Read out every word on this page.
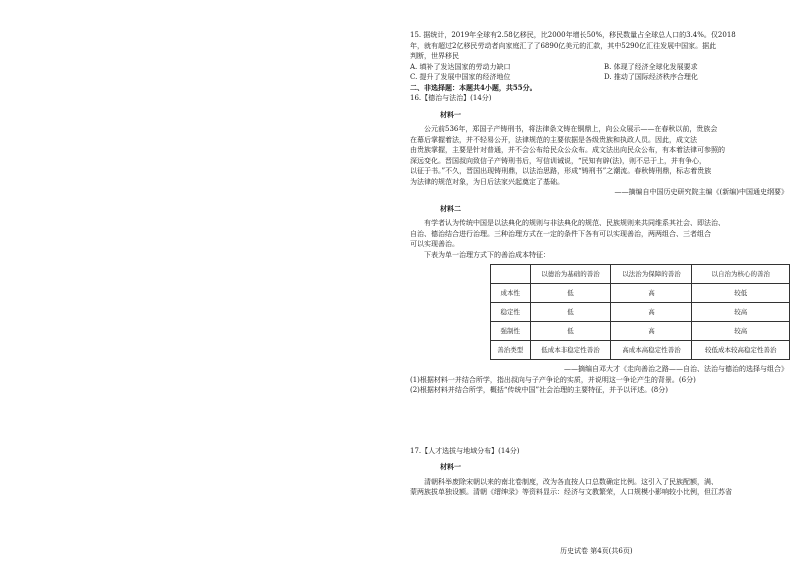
15. 据统计，2019年全球有2.58亿移民，比2000年增长50%，移民数量占全球总人口的3.4%。仅2018
年，就有超过2亿移民劳动者向家庭汇了了6890亿美元的汇款，其中5290亿汇往发展中国家。据此
判断，世界移民
A. 填补了发达国家的劳动力缺口	B. 体现了经济全球化发展要求
C. 提升了发展中国家的经济地位	D. 推动了国际经济秩序合理化
二、非选择题：本题共4小题，共55分。
16.【德治与法治】(14分)
材料一
公元前536年，郑国子产铸刑书，将法律条文铸在铜鼎上，向公众展示——在春秋以前，贵族会
在幕后掌握着法，并不轻易公开，法律规范的主要依据是各级贵族和执政人员。因此，成文法
由贵族掌握，主要是针对普通，并不会公布给民众公众布。成文法出向民众公布，有本着法律可参照的
深远变化。晋国叔向致信子产铸刑书后，写信训诫说，“民知有辟(法)，则不忌于上，并有争心，
以征于书。”不久，晋国出现铸刑鼎，以法治思路，形成“铸刑书”之潮流。春秋铸刑鼎，标志着贵族
为法律的规范对象，为日后法家兴起奠定了基础。
——摘编自中国历史研究院主编《(新编)中国通史纲要》
材料二
有学者认为传统中国是以法典化的规则与非法典化的规范、民族规则来共同维系其社会、即法治、
自治、德治结合进行治理。三种治理方式在一定的条件下各有可以实现善治，两两组合、三者组合
可以实现善治。
下表为单一治理方式下的善治成本特征：
	以德治为基础的善治	以法治为保障的善治	以自治为核心的善治
成本性	低	高	较低
稳定性	低	高	较高
强制性	低	高	较高
善治类型	低成本非稳定性善治	高成本高稳定性善治	较低成本较高稳定性善治
——摘编自邓大才《走向善治之路——自治、法治与德治的选择与组合》
(1)根据材料一并结合所学，指出叔向与子产争论的实质，并说明这一争论产生的背景。(6分)
(2)根据材料并结合所学，概括“传统中国”社会治理的主要特征，并予以评述。(8分)
17.【人才选拔与地域分布】(14分)
材料一
清朝科举废除宋朝以来的南北卷制度，改为各直按人口总数确定比例。这引入了民族配额，满、
蒙两族拔单独设额。清朝《缙绅录》等资料显示：经济与文教繁荣，人口规模小影响较小比例，但江苏省
历史试卷 第4页(共6页)
